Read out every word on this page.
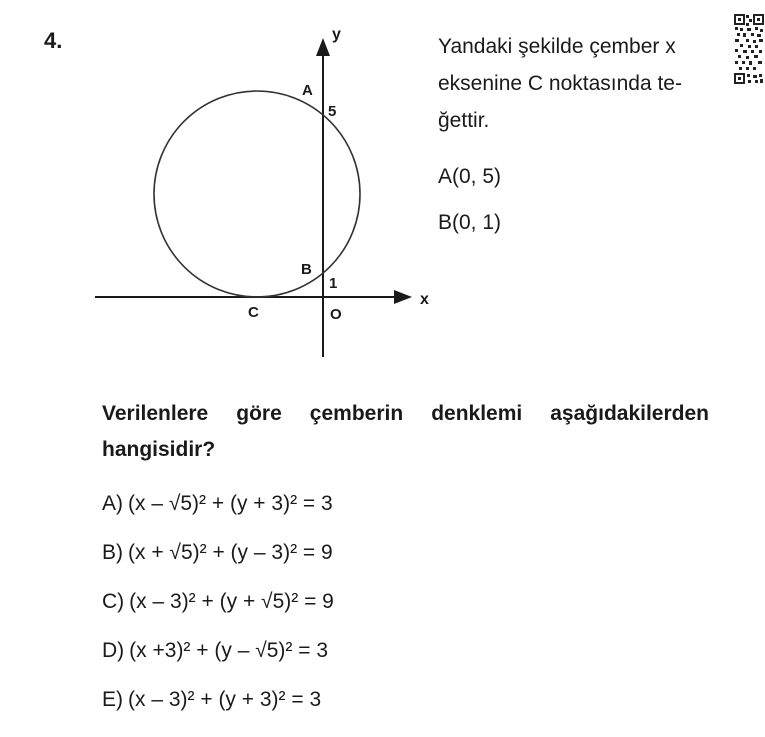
4.	y
x
A
5
B
1
C	O
Yandaki şekilde çember x
eksenine C noktasında te-
ğettir.
A(0, 5)
B(0, 1)
Verilenlere göre çemberin denklemi aşağıdakilerden
hangisidir?
A) (x – √5)² + (y + 3)² = 3
B) (x + √5)² + (y – 3)² = 9
C) (x – 3)² + (y + √5)² = 9
D) (x +3)² + (y – √5)² = 3
E) (x – 3)² + (y + 3)² = 3
